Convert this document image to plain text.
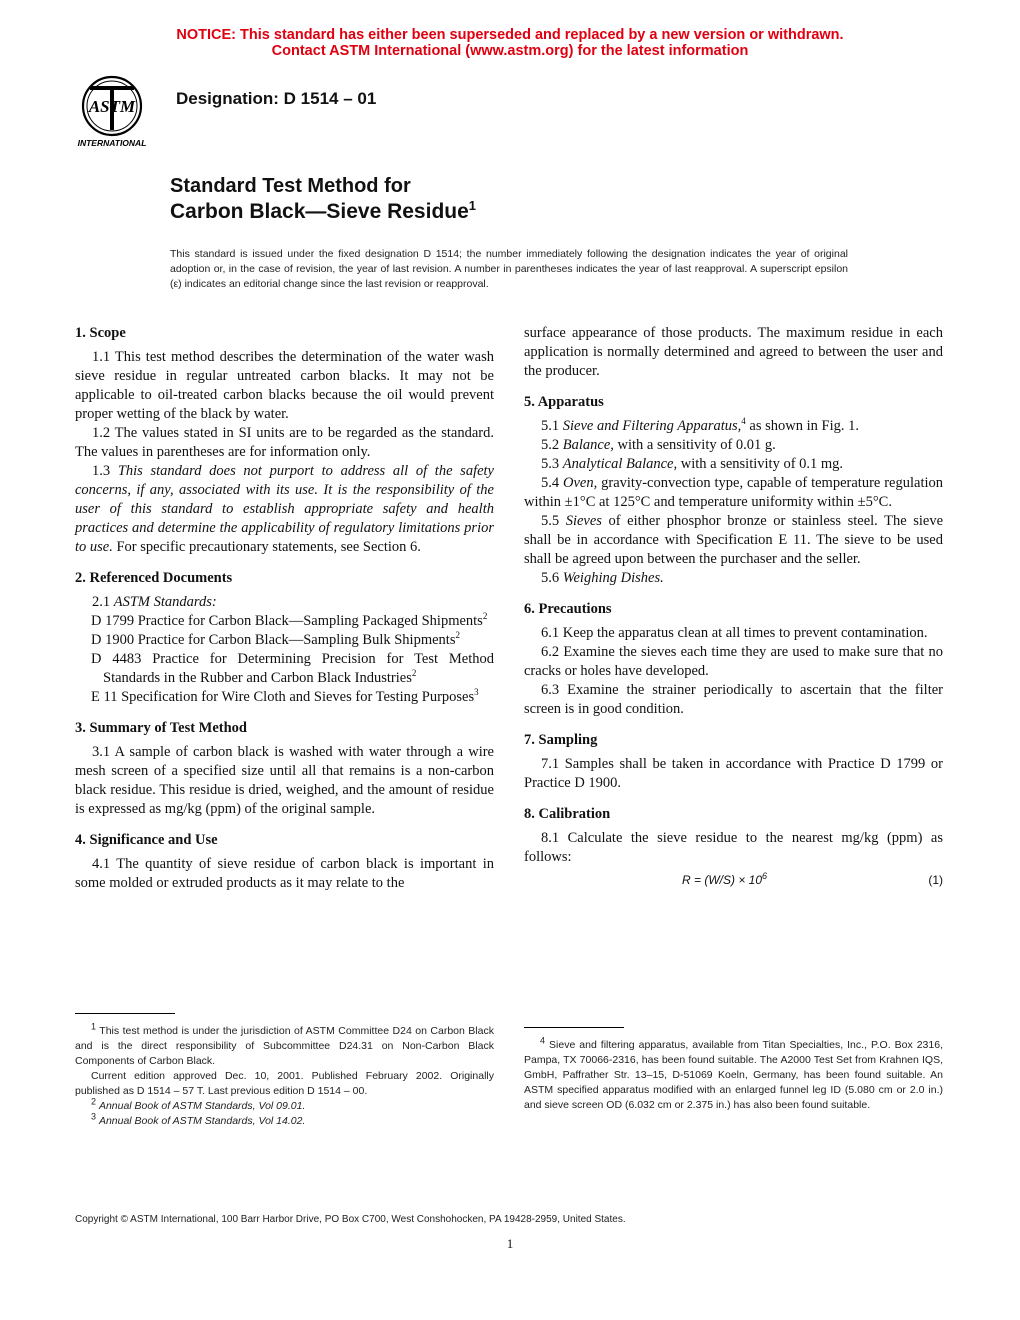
NOTICE: This standard has either been superseded and replaced by a new version or withdrawn.
Contact ASTM International (www.astm.org) for the latest information
ASTM
INTERNATIONAL
Designation: D 1514 – 01
Standard Test Method for
Carbon Black—Sieve Residue$^1$
This standard is issued under the fixed designation D 1514; the number immediately following the designation indicates the year of original adoption or, in the case of revision, the year of last revision. A number in parentheses indicates the year of last reapproval. A superscript epsilon (ε) indicates an editorial change since the last revision or reapproval.

1. Scope

1.1 This test method describes the determination of the water wash sieve residue in regular untreated carbon blacks. It may not be applicable to oil-treated carbon blacks because the oil would prevent proper wetting of the black by water.

1.2 The values stated in SI units are to be regarded as the standard. The values in parentheses are for information only.

1.3 This standard does not purport to address all of the safety concerns, if any, associated with its use. It is the responsibility of the user of this standard to establish appropriate safety and health practices and determine the applicability of regulatory limitations prior to use. For specific precautionary statements, see Section 6.

2. Referenced Documents

2.1 ASTM Standards:

D 1799 Practice for Carbon Black—Sampling Packaged Shipments$^2$

D 1900 Practice for Carbon Black—Sampling Bulk Shipments$^2$

D 4483 Practice for Determining Precision for Test Method Standards in the Rubber and Carbon Black Industries$^2$

E 11 Specification for Wire Cloth and Sieves for Testing Purposes$^3$

3. Summary of Test Method

3.1 A sample of carbon black is washed with water through a wire mesh screen of a specified size until all that remains is a non-carbon black residue. This residue is dried, weighed, and the amount of residue is expressed as mg/kg (ppm) of the original sample.

4. Significance and Use

4.1 The quantity of sieve residue of carbon black is important in some molded or extruded products as it may relate to the

surface appearance of those products. The maximum residue in each application is normally determined and agreed to between the user and the producer.

5. Apparatus

5.1 Sieve and Filtering Apparatus,$^4$ as shown in Fig. 1.

5.2 Balance, with a sensitivity of 0.01 g.

5.3 Analytical Balance, with a sensitivity of 0.1 mg.

5.4 Oven, gravity-convection type, capable of temperature regulation within ±1°C at 125°C and temperature uniformity within ±5°C.

5.5 Sieves of either phosphor bronze or stainless steel. The sieve shall be in accordance with Specification E 11. The sieve to be used shall be agreed upon between the purchaser and the seller.

5.6 Weighing Dishes.

6. Precautions

6.1 Keep the apparatus clean at all times to prevent contamination.

6.2 Examine the sieves each time they are used to make sure that no cracks or holes have developed.

6.3 Examine the strainer periodically to ascertain that the filter screen is in good condition.

7. Sampling

7.1 Samples shall be taken in accordance with Practice D 1799 or Practice D 1900.

8. Calibration

8.1 Calculate the sieve residue to the nearest mg/kg (ppm) as follows:

$R = (W/S) \times 10^6$	(1)

$^1$ This test method is under the jurisdiction of ASTM Committee D24 on Carbon Black and is the direct responsibility of Subcommittee D24.31 on Non-Carbon Black Components of Carbon Black.

Current edition approved Dec. 10, 2001. Published February 2002. Originally published as D 1514 – 57 T. Last previous edition D 1514 – 00.

$^2$ Annual Book of ASTM Standards, Vol 09.01.

$^3$ Annual Book of ASTM Standards, Vol 14.02.

$^4$ Sieve and filtering apparatus, available from Titan Specialties, Inc., P.O. Box 2316, Pampa, TX 70066-2316, has been found suitable. The A2000 Test Set from Krahnen IQS, GmbH, Paffrather Str. 13–15, D-51069 Koeln, Germany, has been found suitable. An ASTM specified apparatus modified with an enlarged funnel leg ID (5.080 cm or 2.0 in.) and sieve screen OD (6.032 cm or 2.375 in.) has also been found suitable.

Copyright © ASTM International, 100 Barr Harbor Drive, PO Box C700, West Conshohocken, PA 19428-2959, United States.
1
